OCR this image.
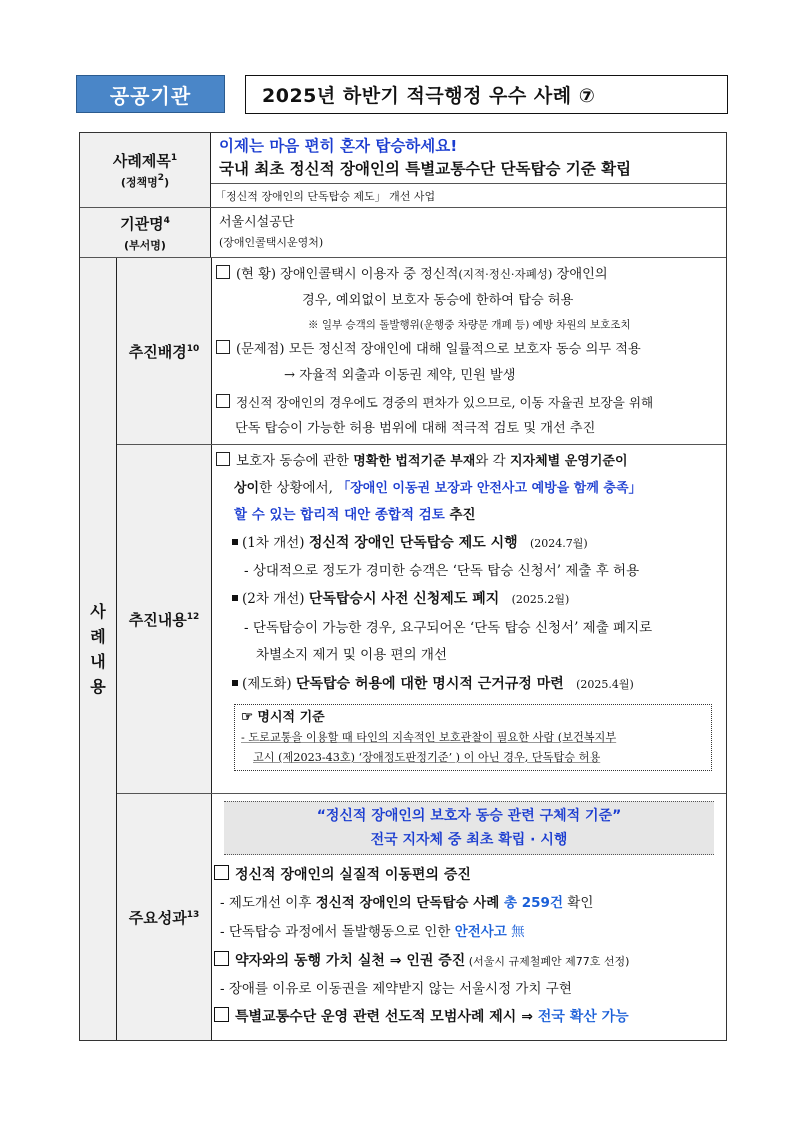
공공기관	2025년 하반기 적극행정 우수 사례 ⑦
사례제목$^1$
(정책명$^2$)
이제는 마음 편히 혼자 탑승하세요!
국내 최초 정신적 장애인의 특별교통수단 단독탑승 기준 확립
「정신적 장애인의 단독탑승 제도」 개선 사업
기관명$^4$
(부서명)
서울시설공단
(장애인콜택시운영처)
사
례
내
용
추진배경$^{10}$
(현 황) 장애인콜택시 이용자 중 정신적(지적·정신·자폐성) 장애인의
경우, 예외없이 보호자 동승에 한하여 탑승 허용
※ 일부 승객의 돌발행위(운행중 차량문 개폐 등) 예방 차원의 보호조치
(문제점) 모든 정신적 장애인에 대해 일률적으로 보호자 동승 의무 적용
→ 자율적 외출과 이동권 제약, 민원 발생
정신적 장애인의 경우에도 경중의 편차가 있으므로, 이동 자율권 보장을 위해
단독 탑승이 가능한 허용 범위에 대해 적극적 검토 및 개선 추진
추진내용$^{12}$
보호자 동승에 관한 명확한 법적기준 부재와 각 지자체별 운영기준이
상이한 상황에서, 「장애인 이동권 보장과 안전사고 예방을 함께 충족」
할 수 있는 합리적 대안 종합적 검토 추진
(1차 개선) 정신적 장애인 단독탑승 제도 시행 (2024.7월)
- 상대적으로 정도가 경미한 승객은 ‘단독 탑승 신청서’ 제출 후 허용
(2차 개선) 단독탑승시 사전 신청제도 폐지 (2025.2월)
- 단독탑승이 가능한 경우, 요구되어온 ‘단독 탑승 신청서’ 제출 폐지로
차별소지 제거 및 이용 편의 개선
(제도화) 단독탑승 허용에 대한 명시적 근거규정 마련 (2025.4월)
☞ 명시적 기준
- 도로교통을 이용할 때 타인의 지속적인 보호관찰이 필요한 사람 (보건복지부
고시 (제2023-43호) ‘장애정도판정기준’ ) 이 아닌 경우, 단독탑승 허용
주요성과$^{13}$
“정신적 장애인의 보호자 동승 관련 구체적 기준”
전국 지자체 중 최초 확립 · 시행
정신적 장애인의 실질적 이동편의 증진
- 제도개선 이후 정신적 장애인의 단독탑승 사례 총 259건 확인
- 단독탑승 과정에서 돌발행동으로 인한 안전사고 無
약자와의 동행 가치 실천 ⇒ 인권 증진 (서울시 규제철폐안 제77호 선정)
- 장애를 이유로 이동권을 제약받지 않는 서울시정 가치 구현
특별교통수단 운영 관련 선도적 모범사례 제시 ⇒ 전국 확산 가능
